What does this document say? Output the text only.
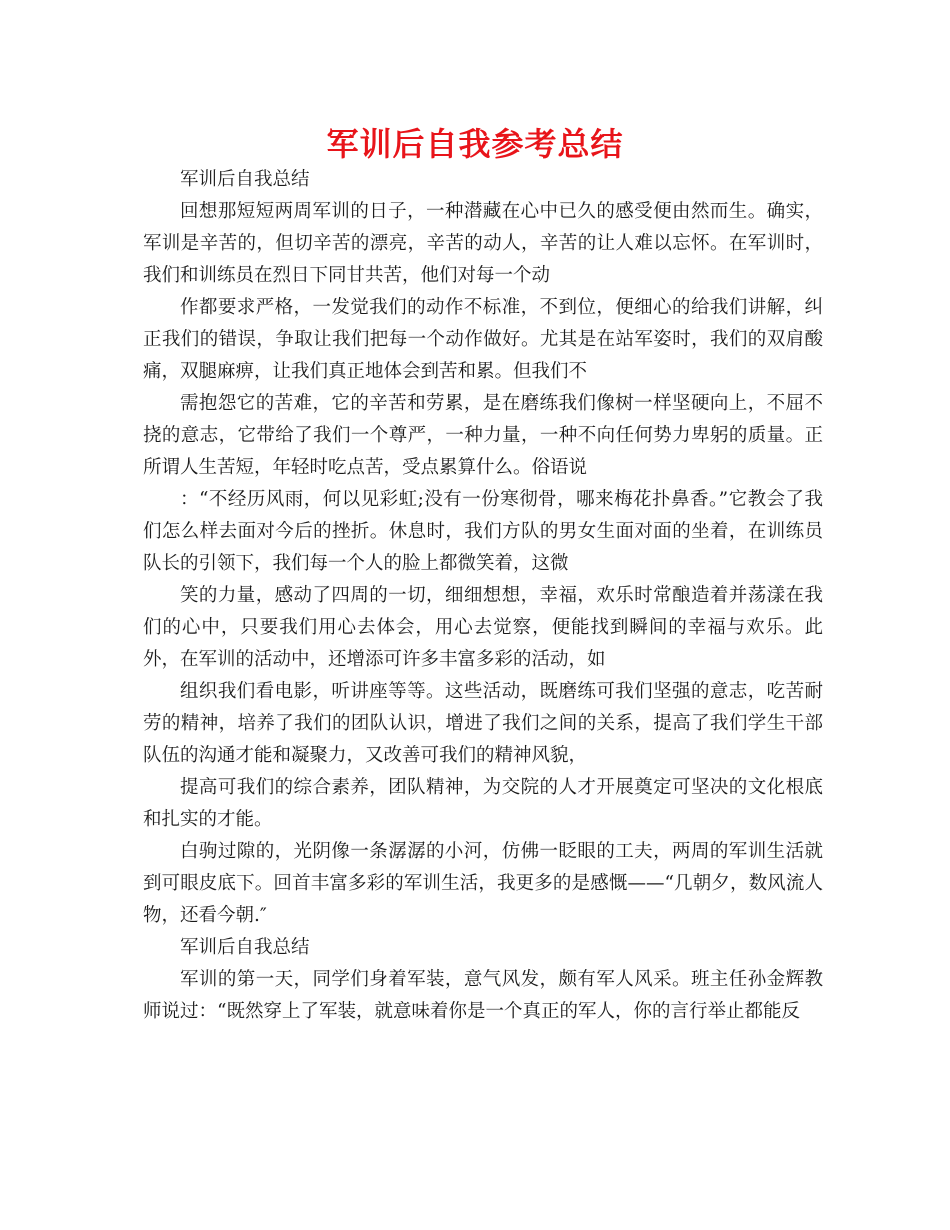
军训后自我参考总结

军训后自我总结

回想那短短两周军训的日子，一种潜藏在心中已久的感受便由然而生。确实，军训是辛苦的，但切辛苦的漂亮，辛苦的动人，辛苦的让人难以忘怀。在军训时，我们和训练员在烈日下同甘共苦，他们对每一个动

作都要求严格，一发觉我们的动作不标准，不到位，便细心的给我们讲解，纠正我们的错误，争取让我们把每一个动作做好。尤其是在站军姿时，我们的双肩酸痛，双腿麻痹，让我们真正地体会到苦和累。但我们不

需抱怨它的苦难，它的辛苦和劳累，是在磨练我们像树一样坚硬向上，不屈不挠的意志，它带给了我们一个尊严，一种力量，一种不向任何势力卑躬的质量。正所谓人生苦短，年轻时吃点苦，受点累算什么。俗语说

：“不经历风雨，何以见彩虹;没有一份寒彻骨，哪来梅花扑鼻香。”它教会了我们怎么样去面对今后的挫折。休息时，我们方队的男女生面对面的坐着，在训练员队长的引领下，我们每一个人的脸上都微笑着，这微

笑的力量，感动了四周的一切，细细想想，幸福，欢乐时常酿造着并荡漾在我们的心中，只要我们用心去体会，用心去觉察，便能找到瞬间的幸福与欢乐。此外，在军训的活动中，还增添可许多丰富多彩的活动，如

组织我们看电影，听讲座等等。这些活动，既磨练可我们坚强的意志，吃苦耐劳的精神，培养了我们的团队认识，增进了我们之间的关系，提高了我们学生干部队伍的沟通才能和凝聚力，又改善可我们的精神风貌，

提高可我们的综合素养，团队精神，为交院的人才开展奠定可坚决的文化根底和扎实的才能。

白驹过隙的，光阴像一条潺潺的小河，仿佛一眨眼的工夫，两周的军训生活就到可眼皮底下。回首丰富多彩的军训生活，我更多的是感慨——“几朝夕，数风流人物，还看今朝.″

军训后自我总结

军训的第一天，同学们身着军装，意气风发，颇有军人风采。班主任孙金辉教师说过：“既然穿上了军装，就意味着你是一个真正的军人，你的言行举止都能反
